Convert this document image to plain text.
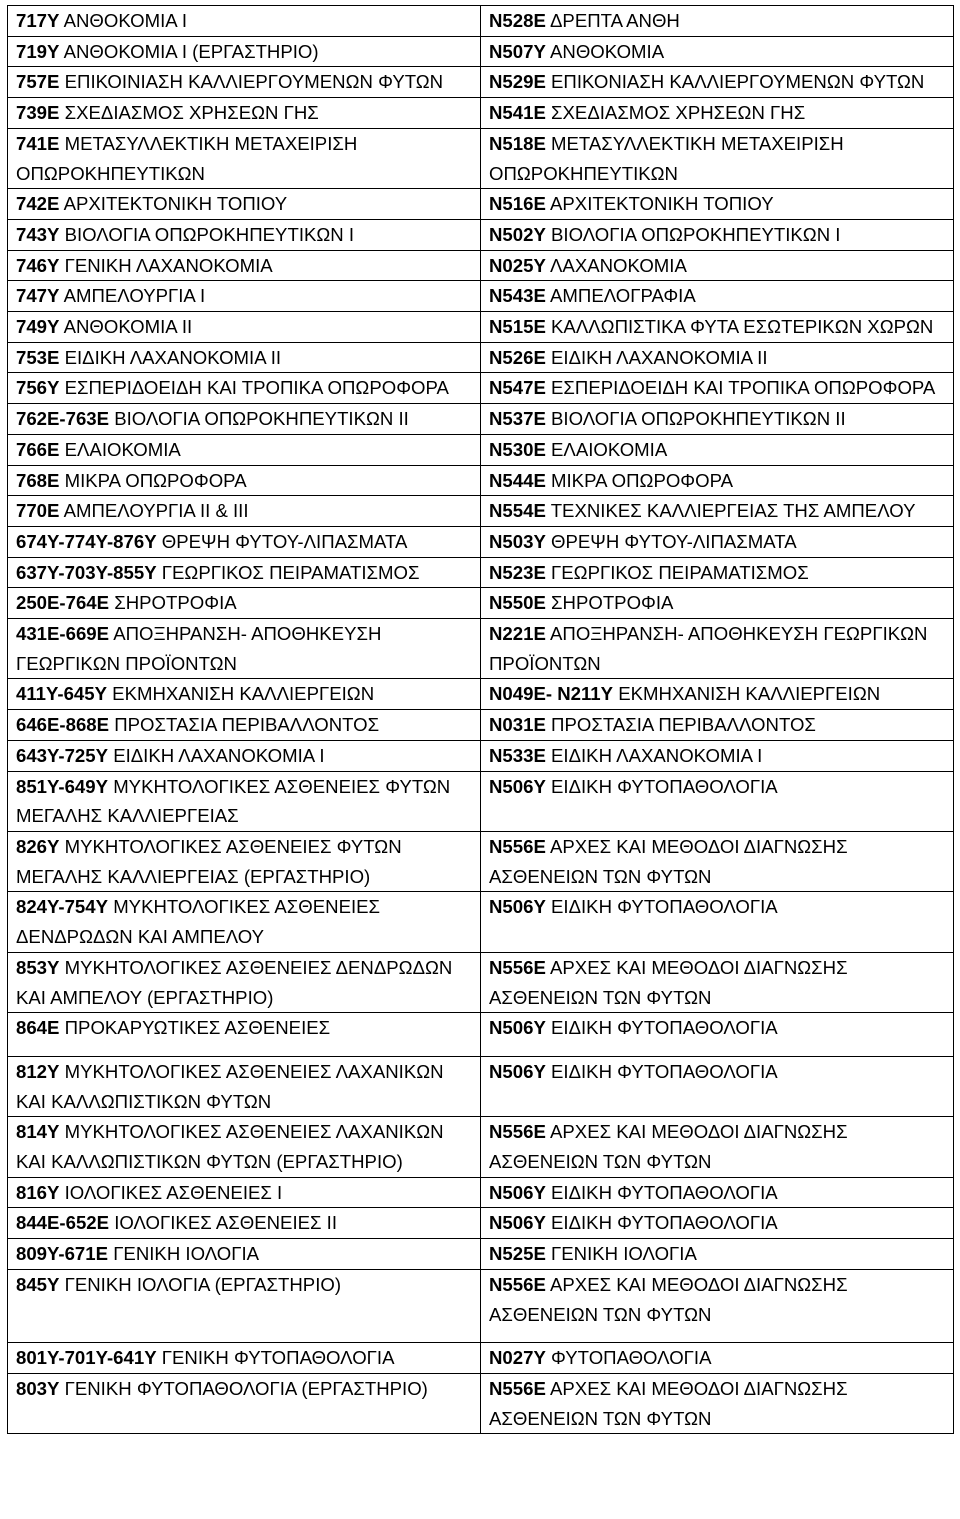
717Υ ΑΝΘΟΚΟΜΙΑ Ι	Ν528Ε ΔΡΕΠΤΑ ΑΝΘΗ
719Υ ΑΝΘΟΚΟΜΙΑ Ι (ΕΡΓΑΣΤΗΡΙΟ)	Ν507Υ ΑΝΘΟΚΟΜΙΑ
757Ε ΕΠΙΚΟΙΝΙΑΣΗ ΚΑΛΛΙΕΡΓΟΥΜΕΝΩΝ ΦΥΤΩΝ	Ν529Ε ΕΠΙΚΟΝΙΑΣΗ ΚΑΛΛΙΕΡΓΟΥΜΕΝΩΝ ΦΥΤΩΝ
739Ε ΣΧΕΔΙΑΣΜΟΣ ΧΡΗΣΕΩΝ ΓΗΣ	Ν541Ε ΣΧΕΔΙΑΣΜΟΣ ΧΡΗΣΕΩΝ ΓΗΣ
741Ε ΜΕΤΑΣΥΛΛΕΚΤΙΚΗ ΜΕΤΑΧΕΙΡΙΣΗ ΟΠΩΡΟΚΗΠΕΥΤΙΚΩΝ	Ν518Ε ΜΕΤΑΣΥΛΛΕΚΤΙΚΗ ΜΕΤΑΧΕΙΡΙΣΗ ΟΠΩΡΟΚΗΠΕΥΤΙΚΩΝ
742Ε ΑΡΧΙΤΕΚΤΟΝΙΚΗ ΤΟΠΙΟΥ	Ν516Ε ΑΡΧΙΤΕΚΤΟΝΙΚΗ ΤΟΠΙΟΥ
743Υ ΒΙΟΛΟΓΙΑ ΟΠΩΡΟΚΗΠΕΥΤΙΚΩΝ Ι	Ν502Υ ΒΙΟΛΟΓΙΑ ΟΠΩΡΟΚΗΠΕΥΤΙΚΩΝ Ι
746Υ ΓΕΝΙΚΗ ΛΑΧΑΝΟΚΟΜΙΑ	Ν025Υ ΛΑΧΑΝΟΚΟΜΙΑ
747Υ ΑΜΠΕΛΟΥΡΓΙΑ Ι	Ν543Ε ΑΜΠΕΛΟΓΡΑΦΙΑ
749Υ ΑΝΘΟΚΟΜΙΑ ΙΙ	Ν515Ε ΚΑΛΛΩΠΙΣΤΙΚΑ ΦΥΤΑ ΕΣΩΤΕΡΙΚΩΝ ΧΩΡΩΝ
753Ε ΕΙΔΙΚΗ ΛΑΧΑΝΟΚΟΜΙΑ ΙΙ	Ν526Ε ΕΙΔΙΚΗ ΛΑΧΑΝΟΚΟΜΙΑ ΙΙ
756Υ ΕΣΠΕΡΙΔΟΕΙΔΗ ΚΑΙ ΤΡΟΠΙΚΑ ΟΠΩΡΟΦΟΡΑ	Ν547Ε ΕΣΠΕΡΙΔΟΕΙΔΗ ΚΑΙ ΤΡΟΠΙΚΑ ΟΠΩΡΟΦΟΡΑ
762Ε-763Ε ΒΙΟΛΟΓΙΑ ΟΠΩΡΟΚΗΠΕΥΤΙΚΩΝ ΙΙ	Ν537Ε ΒΙΟΛΟΓΙΑ ΟΠΩΡΟΚΗΠΕΥΤΙΚΩΝ ΙΙ
766Ε ΕΛΑΙΟΚΟΜΙΑ	Ν530Ε ΕΛΑΙΟΚΟΜΙΑ
768Ε ΜΙΚΡΑ ΟΠΩΡΟΦΟΡΑ	Ν544Ε ΜΙΚΡΑ ΟΠΩΡΟΦΟΡΑ
770Ε ΑΜΠΕΛΟΥΡΓΙΑ ΙΙ & ΙΙΙ	Ν554Ε ΤΕΧΝΙΚΕΣ ΚΑΛΛΙΕΡΓΕΙΑΣ ΤΗΣ ΑΜΠΕΛΟΥ
674Υ-774Υ-876Υ ΘΡΕΨΗ ΦΥΤΟΥ-ΛΙΠΑΣΜΑΤΑ	Ν503Υ ΘΡΕΨΗ ΦΥΤΟΥ-ΛΙΠΑΣΜΑΤΑ
637Υ-703Υ-855Υ ΓΕΩΡΓΙΚΟΣ ΠΕΙΡΑΜΑΤΙΣΜΟΣ	Ν523Ε ΓΕΩΡΓΙΚΟΣ ΠΕΙΡΑΜΑΤΙΣΜΟΣ
250Ε-764Ε ΣΗΡΟΤΡΟΦΙΑ	Ν550Ε ΣΗΡΟΤΡΟΦΙΑ
431Ε-669Ε ΑΠΟΞΗΡΑΝΣΗ- ΑΠΟΘΗΚΕΥΣΗ ΓΕΩΡΓΙΚΩΝ ΠΡΟΪΟΝΤΩΝ	Ν221Ε ΑΠΟΞΗΡΑΝΣΗ- ΑΠΟΘΗΚΕΥΣΗ ΓΕΩΡΓΙΚΩΝ ΠΡΟΪΟΝΤΩΝ
411Υ-645Υ ΕΚΜΗΧΑΝΙΣΗ ΚΑΛΛΙΕΡΓΕΙΩΝ	Ν049Ε- Ν211Υ ΕΚΜΗΧΑΝΙΣΗ ΚΑΛΛΙΕΡΓΕΙΩΝ
646Ε-868Ε ΠΡΟΣΤΑΣΙΑ ΠΕΡΙΒΑΛΛΟΝΤΟΣ	Ν031Ε ΠΡΟΣΤΑΣΙΑ ΠΕΡΙΒΑΛΛΟΝΤΟΣ
643Υ-725Υ ΕΙΔΙΚΗ ΛΑΧΑΝΟΚΟΜΙΑ Ι	Ν533Ε ΕΙΔΙΚΗ ΛΑΧΑΝΟΚΟΜΙΑ Ι
851Υ-649Υ ΜΥΚΗΤΟΛΟΓΙΚΕΣ ΑΣΘΕΝΕΙΕΣ ΦΥΤΩΝ ΜΕΓΑΛΗΣ ΚΑΛΛΙΕΡΓΕΙΑΣ	Ν506Υ ΕΙΔΙΚΗ ΦΥΤΟΠΑΘΟΛΟΓΙΑ
826Υ ΜΥΚΗΤΟΛΟΓΙΚΕΣ ΑΣΘΕΝΕΙΕΣ ΦΥΤΩΝ ΜΕΓΑΛΗΣ ΚΑΛΛΙΕΡΓΕΙΑΣ (ΕΡΓΑΣΤΗΡΙΟ)	Ν556Ε ΑΡΧΕΣ ΚΑΙ ΜΕΘΟΔΟΙ ΔΙΑΓΝΩΣΗΣ ΑΣΘΕΝΕΙΩΝ ΤΩΝ ΦΥΤΩΝ
824Υ-754Υ ΜΥΚΗΤΟΛΟΓΙΚΕΣ ΑΣΘΕΝΕΙΕΣ ΔΕΝΔΡΩΔΩΝ ΚΑΙ ΑΜΠΕΛΟΥ	Ν506Υ ΕΙΔΙΚΗ ΦΥΤΟΠΑΘΟΛΟΓΙΑ
853Υ ΜΥΚΗΤΟΛΟΓΙΚΕΣ ΑΣΘΕΝΕΙΕΣ ΔΕΝΔΡΩΔΩΝ ΚΑΙ ΑΜΠΕΛΟΥ (ΕΡΓΑΣΤΗΡΙΟ)	Ν556Ε ΑΡΧΕΣ ΚΑΙ ΜΕΘΟΔΟΙ ΔΙΑΓΝΩΣΗΣ ΑΣΘΕΝΕΙΩΝ ΤΩΝ ΦΥΤΩΝ
864Ε ΠΡΟΚΑΡΥΩΤΙΚΕΣ ΑΣΘΕΝΕΙΕΣ	Ν506Υ ΕΙΔΙΚΗ ΦΥΤΟΠΑΘΟΛΟΓΙΑ
812Υ ΜΥΚΗΤΟΛΟΓΙΚΕΣ ΑΣΘΕΝΕΙΕΣ ΛΑΧΑΝΙΚΩΝ ΚΑΙ ΚΑΛΛΩΠΙΣΤΙΚΩΝ ΦΥΤΩΝ	Ν506Υ ΕΙΔΙΚΗ ΦΥΤΟΠΑΘΟΛΟΓΙΑ
814Υ ΜΥΚΗΤΟΛΟΓΙΚΕΣ ΑΣΘΕΝΕΙΕΣ ΛΑΧΑΝΙΚΩΝ ΚΑΙ ΚΑΛΛΩΠΙΣΤΙΚΩΝ ΦΥΤΩΝ (ΕΡΓΑΣΤΗΡΙΟ)	Ν556Ε ΑΡΧΕΣ ΚΑΙ ΜΕΘΟΔΟΙ ΔΙΑΓΝΩΣΗΣ ΑΣΘΕΝΕΙΩΝ ΤΩΝ ΦΥΤΩΝ
816Υ ΙΟΛΟΓΙΚΕΣ ΑΣΘΕΝΕΙΕΣ Ι	Ν506Υ ΕΙΔΙΚΗ ΦΥΤΟΠΑΘΟΛΟΓΙΑ
844Ε-652Ε ΙΟΛΟΓΙΚΕΣ ΑΣΘΕΝΕΙΕΣ ΙΙ	Ν506Υ ΕΙΔΙΚΗ ΦΥΤΟΠΑΘΟΛΟΓΙΑ
809Υ-671Ε ΓΕΝΙΚΗ ΙΟΛΟΓΙΑ	Ν525Ε ΓΕΝΙΚΗ ΙΟΛΟΓΙΑ
845Υ ΓΕΝΙΚΗ ΙΟΛΟΓΙΑ (ΕΡΓΑΣΤΗΡΙΟ)	Ν556Ε ΑΡΧΕΣ ΚΑΙ ΜΕΘΟΔΟΙ ΔΙΑΓΝΩΣΗΣ ΑΣΘΕΝΕΙΩΝ ΤΩΝ ΦΥΤΩΝ
801Υ-701Υ-641Υ ΓΕΝΙΚΗ ΦΥΤΟΠΑΘΟΛΟΓΙΑ	Ν027Υ ΦΥΤΟΠΑΘΟΛΟΓΙΑ
803Υ ΓΕΝΙΚΗ ΦΥΤΟΠΑΘΟΛΟΓΙΑ (ΕΡΓΑΣΤΗΡΙΟ)	Ν556Ε ΑΡΧΕΣ ΚΑΙ ΜΕΘΟΔΟΙ ΔΙΑΓΝΩΣΗΣ ΑΣΘΕΝΕΙΩΝ ΤΩΝ ΦΥΤΩΝ
